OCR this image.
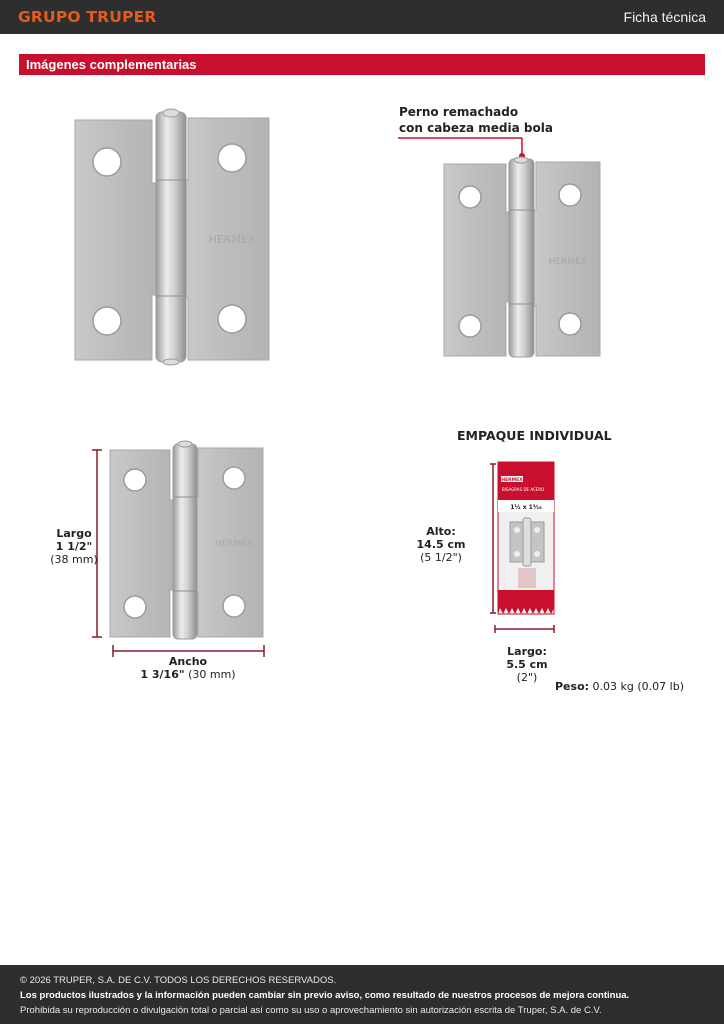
GRUPO TRUPER	Ficha técnica
Imágenes complementarias
HERMEX
Perno remachado
con cabeza media bola
HERMEX
HERMEX
Largo
1 1/2"
(38 mm)
Ancho
1 3/16" (30 mm)
EMPAQUE INDIVIDUAL
HERMEX
BISAGRAS DE ACERO
1½ x 1³⁄₁₆
Alto:
14.5 cm
(5 1/2")
Largo:
5.5 cm
(2")
Peso: 0.03 kg (0.07 lb)

© 2026 TRUPER, S.A. DE C.V. TODOS LOS DERECHOS RESERVADOS.

Los productos ilustrados y la información pueden cambiar sin previo aviso, como resultado de nuestros procesos de mejora continua.

Prohibida su reproducción o divulgación total o parcial así como su uso o aprovechamiento sin autorización escrita de Truper, S.A. de C.V.
